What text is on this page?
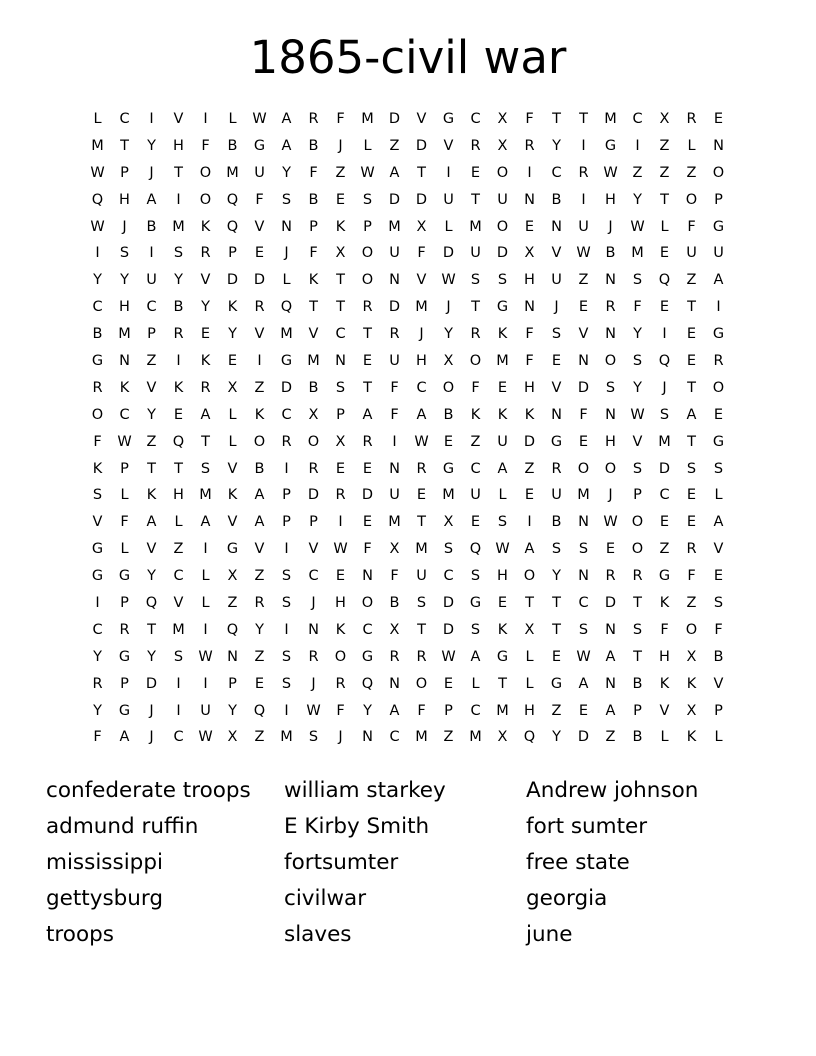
1865-civil war
L	C	I	V	I	L	W	A	R	F	M	D	V	G	C	X	F	T	T	M	C	X	R	E
M	T	Y	H	F	B	G	A	B	J	L	Z	D	V	R	X	R	Y	I	G	I	Z	L	N
W	P	J	T	O	M	U	Y	F	Z	W	A	T	I	E	O	I	C	R	W	Z	Z	Z	O
Q	H	A	I	O	Q	F	S	B	E	S	D	D	U	T	U	N	B	I	H	Y	T	O	P
W	J	B	M	K	Q	V	N	P	K	P	M	X	L	M	O	E	N	U	J	W	L	F	G
I	S	I	S	R	P	E	J	F	X	O	U	F	D	U	D	X	V	W	B	M	E	U	U
Y	Y	U	Y	V	D	D	L	K	T	O	N	V	W	S	S	H	U	Z	N	S	Q	Z	A
C	H	C	B	Y	K	R	Q	T	T	R	D	M	J	T	G	N	J	E	R	F	E	T	I
B	M	P	R	E	Y	V	M	V	C	T	R	J	Y	R	K	F	S	V	N	Y	I	E	G
G	N	Z	I	K	E	I	G	M	N	E	U	H	X	O	M	F	E	N	O	S	Q	E	R
R	K	V	K	R	X	Z	D	B	S	T	F	C	O	F	E	H	V	D	S	Y	J	T	O
O	C	Y	E	A	L	K	C	X	P	A	F	A	B	K	K	K	N	F	N W	S	A	E
F	W	Z	Q	T	L	O	R	O	X	R	I	W	E	Z	U	D	G	E	H	V	M	T	G
K	P	T	T	S	V	B	I	R	E	E	N	R	G	C	A	Z	R	O	O	S	D	S	S
S	L	K	H	M	K	A	P	D	R	D	U	E	M	U	L	E	U	M	J	P	C	E	L
V	F	A	L	A	V	A	P	P	I	E	M	T	X	E	S	I	B	N W O	E	E	A
G	L	V	Z	I	G	V	I	V	W	F	X	M	S	Q W	A	S	S	E	O	Z	R	V
G	G	Y	C	L	X	Z	S	C	E	N	F	U	C	S	H	O	Y	N	R	R	G	F	E
I	P	Q	V	L	Z	R	S	J	H	O	B	S	D	G	E	T	T	C	D	T	K	Z	S
C	R	T	M	I	Q	Y	I	N	K	C	X	T	D	S	K	X	T	S	N	S	F	O	F
Y	G	Y	S	W N	Z	S	R	O	G	R	R	W	A	G	L	E	W	A	T	H	X	B
R	P	D	I	I	P	E	S	J	R	Q	N	O	E	L	T	L	G	A	N	B	K	K	V
Y	G	J	I	U	Y	Q	I	W	F	Y	A	F	P	C	M	H	Z	E	A	P	V	X	P
F	A	J	C	W	X	Z	M	S	J	N	C	M	Z	M	X	Q	Y	D	Z	B	L	K	L
confederate troops
admund ruffin
mississippi
gettysburg
troops
william starkey
E Kirby Smith
fortsumter
civilwar
slaves
Andrew johnson
fort sumter
free state
georgia
june
